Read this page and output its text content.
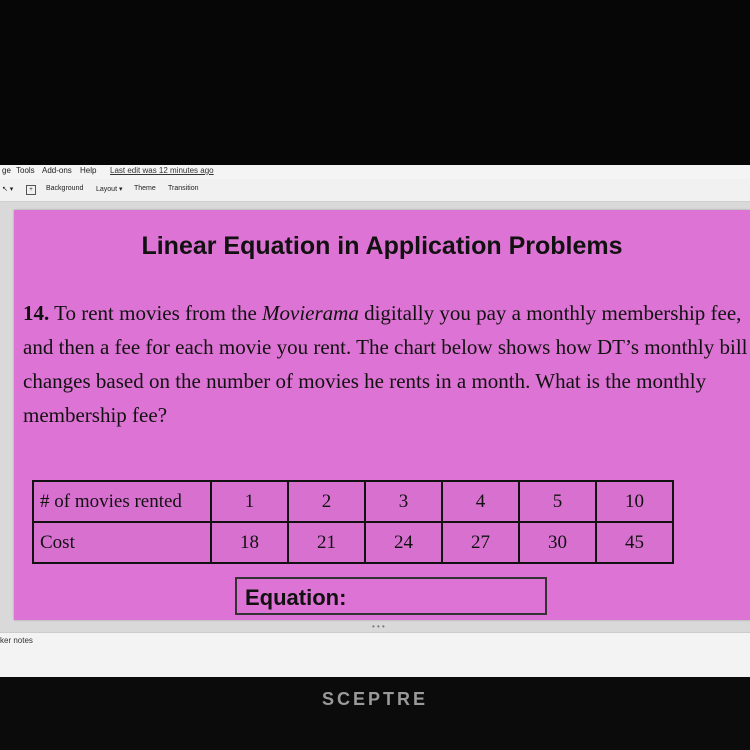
ge Tools Add-ons Help Last edit was 12 minutes ago
↖ ▾	+	Background Layout ▾ Theme Transition
Linear Equation in Application Problems
14. To rent movies from the Movierama digitally you pay a monthly membership fee, and then a fee for each movie you rent. The chart below shows how DT’s monthly bill changes based on the number of movies he rents in a month. What is the monthly membership fee?
# of movies rented	1	2	3	4	5	10
Cost	18	21	24	27	30	45
Equation:
• • •
ker notes
SCEPTRE
